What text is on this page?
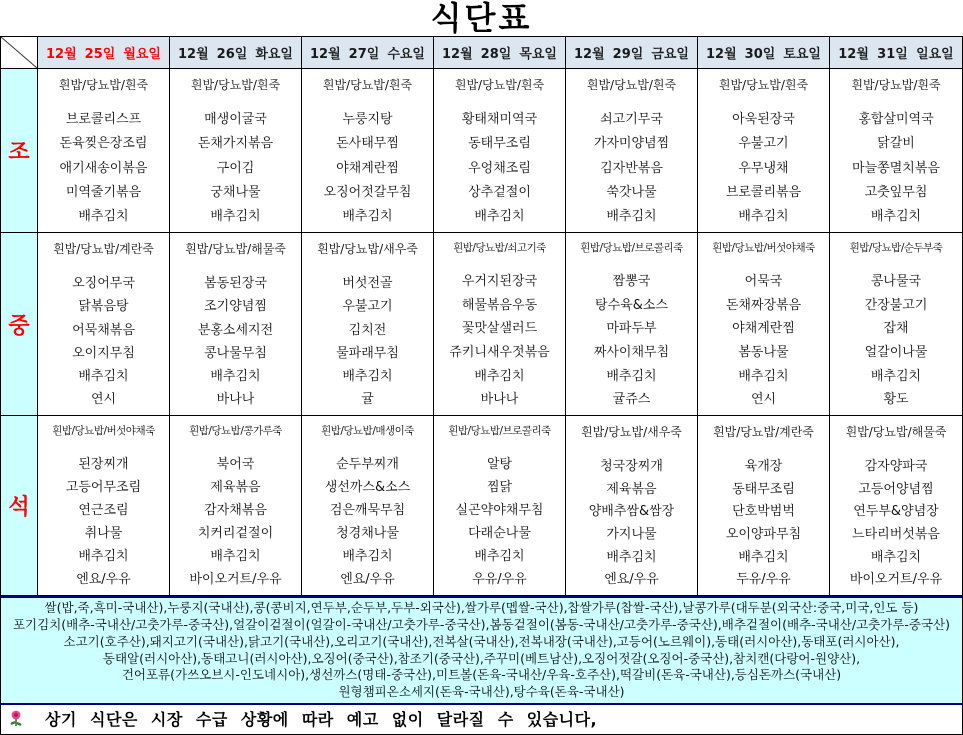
식단표
12월 25일 월요일 12월 26일 화요일 12월 27일 수요일 12월 28일 목요일 12월 29일 금요일 12월 30일 토요일 12월 31일 일요일
조
흰밥/당뇨밥/흰죽
브로콜리스프
돈육찢은장조림
애기새송이볶음
미역줄기볶음
배추김치
흰밥/당뇨밥/흰죽
매생이굴국
돈채가지볶음
구이김
궁채나물
배추김치
흰밥/당뇨밥/흰죽
누룽지탕
돈사태무찜
야채계란찜
오징어젓갈무침
배추김치
흰밥/당뇨밥/흰죽
황태채미역국
동태무조림
우엉채조림
상추겉절이
배추김치
흰밥/당뇨밥/흰죽
쇠고기무국
가자미양념찜
김자반볶음
쑥갓나물
배추김치
흰밥/당뇨밥/흰죽
아욱된장국
우불고기
우무냉채
브로콜리볶음
배추김치
흰밥/당뇨밥/흰죽
홍합살미역국
닭갈비
마늘쫑멸치볶음
고춧잎무침
배추김치
중
흰밥/당뇨밥/계란죽
오징어무국
닭볶음탕
어묵채볶음
오이지무침
배추김치
연시
흰밥/당뇨밥/해물죽
봄동된장국
조기양념찜
분홍소세지전
콩나물무침
배추김치
바나나
흰밥/당뇨밥/새우죽
버섯전골
우불고기
김치전
물파래무침
배추김치
귤
흰밥/당뇨밥/쇠고기죽
우거지된장국
해물볶음우동
꽃맛살샐러드
쥬키니새우젓볶음
배추김치
바나나
흰밥/당뇨밥/브로콜리죽
짬뽕국
탕수육&소스
마파두부
짜사이채무침
배추김치
귤쥬스
흰밥/당뇨밥/버섯야채죽
어묵국
돈채짜장볶음
야채계란찜
봄동나물
배추김치
연시
흰밥/당뇨밥/순두부죽
콩나물국
간장불고기
잡채
얼갈이나물
배추김치
황도
석
흰밥/당뇨밥/버섯야채죽
된장찌개
고등어무조림
연근조림
취나물
배추김치
엔요/우유
흰밥/당뇨밥/콩가루죽
북어국
제육볶음
감자채볶음
치커리겉절이
배추김치
바이오거트/우유
흰밥/당뇨밥/매생이죽
순두부찌개
생선까스&소스
검은깨묵무침
청경채나물
배추김치
엔요/우유
흰밥/당뇨밥/브로콜리죽
알탕
찜닭
실곤약야채무침
다래순나물
배추김치
우유/우유
흰밥/당뇨밥/새우죽
청국장찌개
제육볶음
양배추쌈&쌈장
가지나물
배추김치
엔요/우유
흰밥/당뇨밥/계란죽
육개장
동태무조림
단호박범벅
오이양파무침
배추김치
두유/우유
흰밥/당뇨밥/해물죽
감자양파국
고등어양념찜
연두부&양념장
느타리버섯볶음
배추김치
바이오거트/우유
쌀(밥,죽,흑미-국내산),누룽지(국내산),콩(콩비지,연두부,순두부,두부-외국산),쌀가루(멥쌀-국산),찹쌀가루(찹쌀-국산),날콩가루(대두분(외국산:중국,미국,인도 등)
포기김치(배추-국내산/고춧가루-중국산),얼갈이겉절이(얼갈이-국내산/고춧가루-중국산),봄동겉절이(봄동-국내산/고춧가루-중국산),배추겉절이(배추-국내산/고춧가루-중국산)
소고기(호주산),돼지고기(국내산),닭고기(국내산),오리고기(국내산),전복살(국내산),전복내장(국내산),고등어(노르웨이),동태(러시아산),동태포(러시아산),
동태알(러시아산),동태고니(러시아산),오징어(중국산),참조기(중국산),주꾸미(베트남산),오징어젓갈(오징어-중국산),참치캔(다랑어-원양산),
건어포류(가쓰오브시-인도네시아),생선까스(명태-중국산),미트볼(돈육-국내산/우육-호주산),떡갈비(돈육-국내산),등심돈까스(국내산)
원형챔피온소세지(돈육-국내산),탕수육(돈육-국내산)
상기 식단은 시장 수급 상황에 따라 예고 없이 달라질 수 있습니다,
